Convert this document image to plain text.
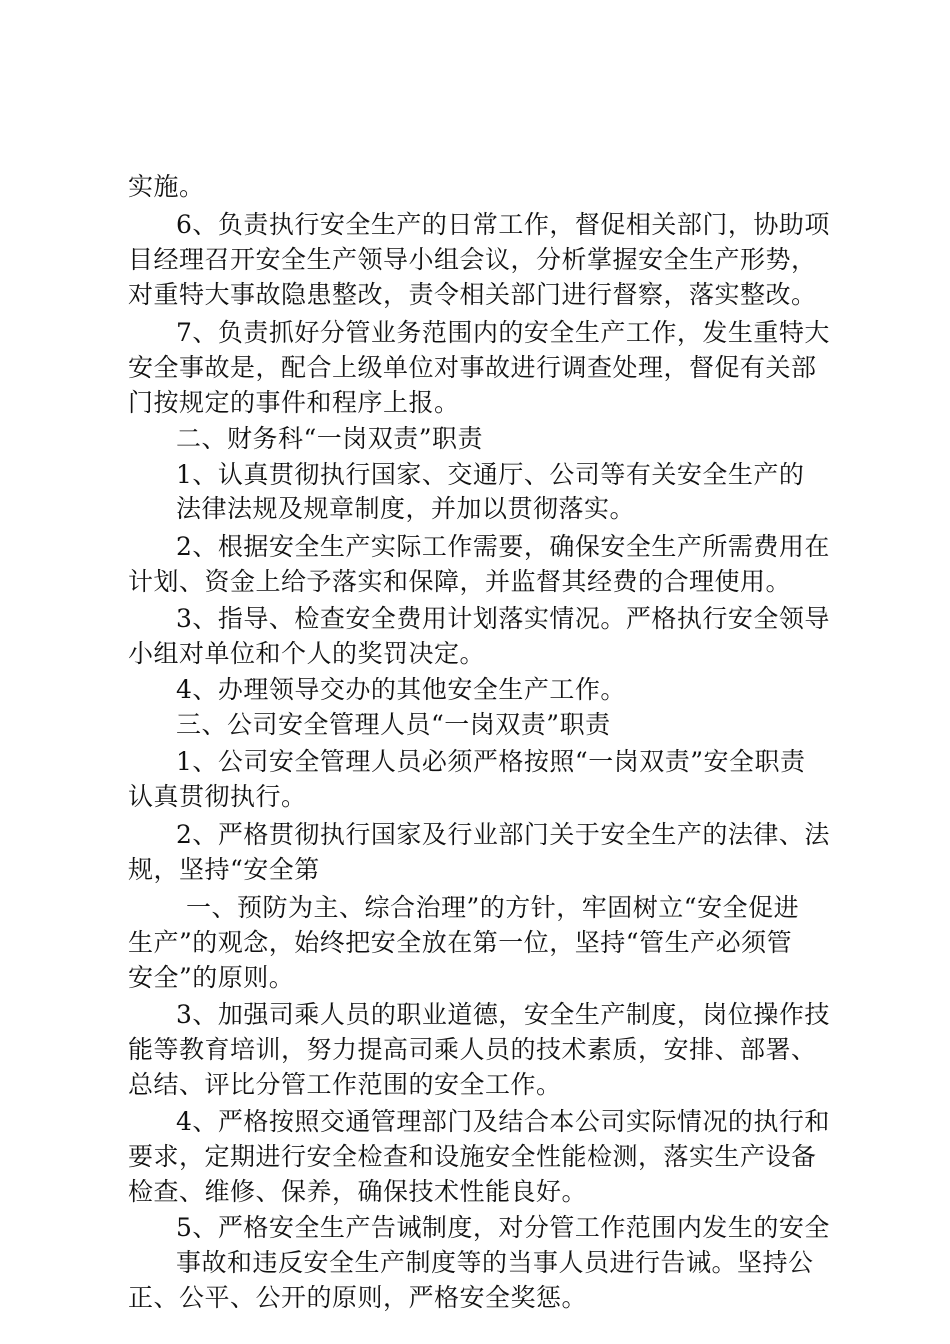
实施。
6、负责执行安全生产的日常工作，督促相关部门，协助项
目经理召开安全生产领导小组会议，分析掌握安全生产形势，
对重特大事故隐患整改，责令相关部门进行督察，落实整改。
7、负责抓好分管业务范围内的安全生产工作，发生重特大
安全事故是，配合上级单位对事故进行调查处理，督促有关部
门按规定的事件和程序上报。
二、财务科“一岗双责”职责
1、认真贯彻执行国家、交通厅、公司等有关安全生产的
法律法规及规章制度，并加以贯彻落实。
2、根据安全生产实际工作需要，确保安全生产所需费用在
计划、资金上给予落实和保障，并监督其经费的合理使用。
3、指导、检查安全费用计划落实情况。严格执行安全领导
小组对单位和个人的奖罚决定。
4、办理领导交办的其他安全生产工作。
三、公司安全管理人员“一岗双责”职责
1、公司安全管理人员必须严格按照“一岗双责”安全职责
认真贯彻执行。
2、严格贯彻执行国家及行业部门关于安全生产的法律、法
规，坚持“安全第
一、预防为主、综合治理”的方针，牢固树立“安全促进
生产”的观念，始终把安全放在第一位，坚持“管生产必须管
安全”的原则。
3、加强司乘人员的职业道德，安全生产制度，岗位操作技
能等教育培训，努力提高司乘人员的技术素质，安排、部署、
总结、评比分管工作范围的安全工作。
4、严格按照交通管理部门及结合本公司实际情况的执行和
要求，定期进行安全检查和设施安全性能检测，落实生产设备
检查、维修、保养，确保技术性能良好。
5、严格安全生产告诫制度，对分管工作范围内发生的安全
事故和违反安全生产制度等的当事人员进行告诫。坚持公
正、公平、公开的原则，严格安全奖惩。
